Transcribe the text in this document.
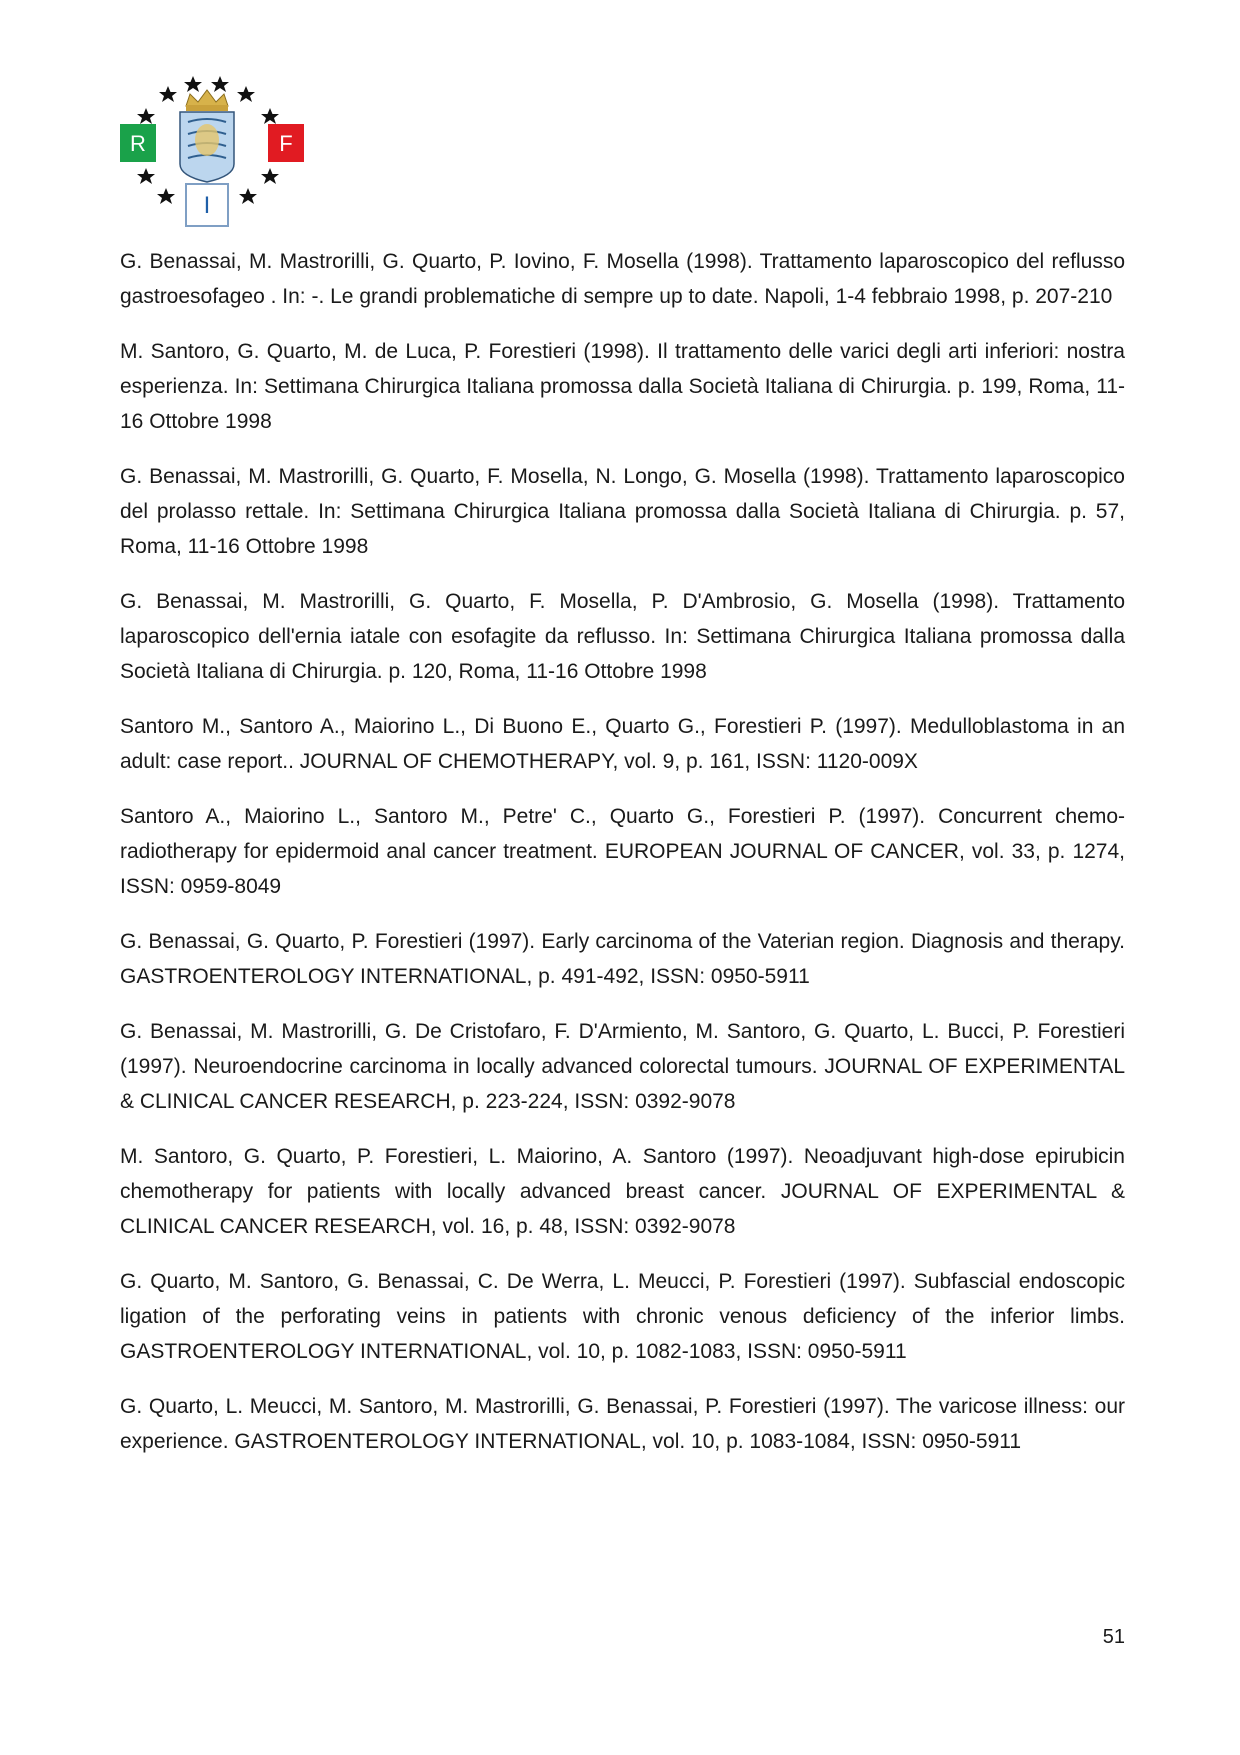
R	F
I

G. Benassai, M. Mastrorilli, G. Quarto, P. Iovino, F. Mosella (1998). Trattamento laparoscopico del reflusso gastroesofageo . In: -. Le grandi problematiche di sempre up to date. Napoli, 1-4 febbraio 1998, p. 207-210

M. Santoro, G. Quarto, M. de Luca, P. Forestieri (1998). Il trattamento delle varici degli arti inferiori: nostra esperienza. In: Settimana Chirurgica Italiana promossa dalla Società Italiana di Chirurgia. p. 199, Roma, 11-16 Ottobre 1998

G. Benassai, M. Mastrorilli, G. Quarto, F. Mosella, N. Longo, G. Mosella (1998). Trattamento laparoscopico del prolasso rettale. In: Settimana Chirurgica Italiana promossa dalla Società Italiana di Chirurgia. p. 57, Roma, 11-16 Ottobre 1998

G. Benassai, M. Mastrorilli, G. Quarto, F. Mosella, P. D'Ambrosio, G. Mosella (1998). Trattamento laparoscopico dell'ernia iatale con esofagite da reflusso. In: Settimana Chirurgica Italiana promossa dalla Società Italiana di Chirurgia. p. 120, Roma, 11-16 Ottobre 1998

Santoro M., Santoro A., Maiorino L., Di Buono E., Quarto G., Forestieri P. (1997). Medulloblastoma in an adult: case report.. JOURNAL OF CHEMOTHERAPY, vol. 9, p. 161, ISSN: 1120-009X

Santoro A., Maiorino L., Santoro M., Petre' C., Quarto G., Forestieri P. (1997). Concurrent chemo-radiotherapy for epidermoid anal cancer treatment. EUROPEAN JOURNAL OF CANCER, vol. 33, p. 1274, ISSN: 0959-8049

G. Benassai, G. Quarto, P. Forestieri (1997). Early carcinoma of the Vaterian region. Diagnosis and therapy. GASTROENTEROLOGY INTERNATIONAL, p. 491-492, ISSN: 0950-5911

G. Benassai, M. Mastrorilli, G. De Cristofaro, F. D'Armiento, M. Santoro, G. Quarto, L. Bucci, P. Forestieri (1997). Neuroendocrine carcinoma in locally advanced colorectal tumours. JOURNAL OF EXPERIMENTAL & CLINICAL CANCER RESEARCH, p. 223-224, ISSN: 0392-9078

M. Santoro, G. Quarto, P. Forestieri, L. Maiorino, A. Santoro (1997). Neoadjuvant high-dose epirubicin chemotherapy for patients with locally advanced breast cancer. JOURNAL OF EXPERIMENTAL & CLINICAL CANCER RESEARCH, vol. 16, p. 48, ISSN: 0392-9078

G. Quarto, M. Santoro, G. Benassai, C. De Werra, L. Meucci, P. Forestieri (1997). Subfascial endoscopic ligation of the perforating veins in patients with chronic venous deficiency of the inferior limbs. GASTROENTEROLOGY INTERNATIONAL, vol. 10, p. 1082-1083, ISSN: 0950-5911

G. Quarto, L. Meucci, M. Santoro, M. Mastrorilli, G. Benassai, P. Forestieri (1997). The varicose illness: our experience. GASTROENTEROLOGY INTERNATIONAL, vol. 10, p. 1083-1084, ISSN: 0950-5911

51
